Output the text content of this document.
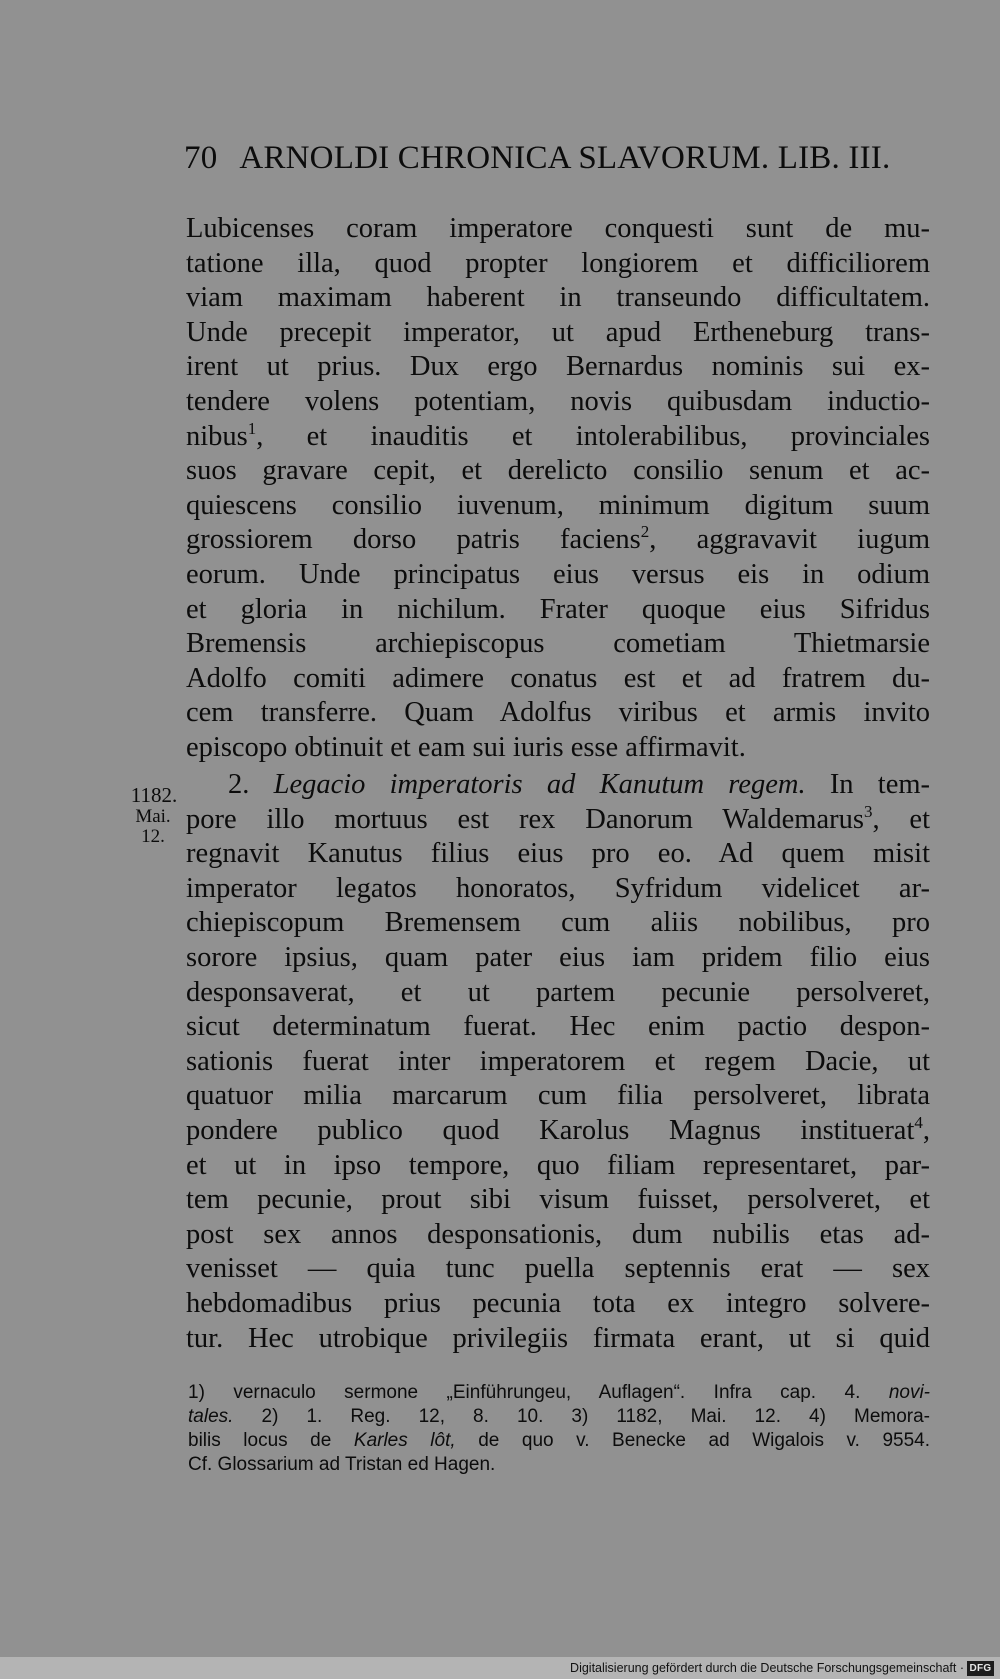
70 ARNOLDI CHRONICA SLAVORUM. LIB. III.
Lubicenses coram imperatore conquesti sunt de mu-
tatione illa, quod propter longiorem et difficiliorem
viam maximam haberent in transeundo difficultatem.
Unde precepit imperator, ut apud Ertheneburg trans-
irent ut prius. Dux ergo Bernardus nominis sui ex-
tendere volens potentiam, novis quibusdam inductio-
nibus$^1$, et inauditis et intolerabilibus, provinciales
suos gravare cepit, et derelicto consilio senum et ac-
quiescens consilio iuvenum, minimum digitum suum
grossiorem dorso patris faciens$^2$, aggravavit iugum
eorum. Unde principatus eius versus eis in odium
et gloria in nichilum. Frater quoque eius Sifridus
Bremensis archiepiscopus cometiam Thietmarsie
Adolfo comiti adimere conatus est et ad fratrem du-
cem transferre. Quam Adolfus viribus et armis invito
episcopo obtinuit et eam sui iuris esse affirmavit.
1182.
Mai.
12.
2. Legacio imperatoris ad Kanutum regem. In tem-
pore illo mortuus est rex Danorum Waldemarus$^3$, et
regnavit Kanutus filius eius pro eo. Ad quem misit
imperator legatos honoratos, Syfridum videlicet ar-
chiepiscopum Bremensem cum aliis nobilibus, pro
sorore ipsius, quam pater eius iam pridem filio eius
desponsaverat, et ut partem pecunie persolveret,
sicut determinatum fuerat. Hec enim pactio despon-
sationis fuerat inter imperatorem et regem Dacie, ut
quatuor milia marcarum cum filia persolveret, librata
pondere publico quod Karolus Magnus instituerat$^4$,
et ut in ipso tempore, quo filiam representaret, par-
tem pecunie, prout sibi visum fuisset, persolveret, et
post sex annos desponsationis, dum nubilis etas ad-
venisset — quia tunc puella septennis erat — sex
hebdomadibus prius pecunia tota ex integro solvere-
tur. Hec utrobique privilegiis firmata erant, ut si quid
1) vernaculo sermone „Einführungeu, Auflagen“. Infra cap. 4. novi-
tales. 2) 1. Reg. 12, 8. 10. 3) 1182, Mai. 12. 4) Memora-
bilis locus de Karles lôt, de quo v. Benecke ad Wigalois v. 9554.
Cf. Glossarium ad Tristan ed Hagen.
Digitalisierung gefördert durch die Deutsche Forschungsgemeinschaft · DFG
